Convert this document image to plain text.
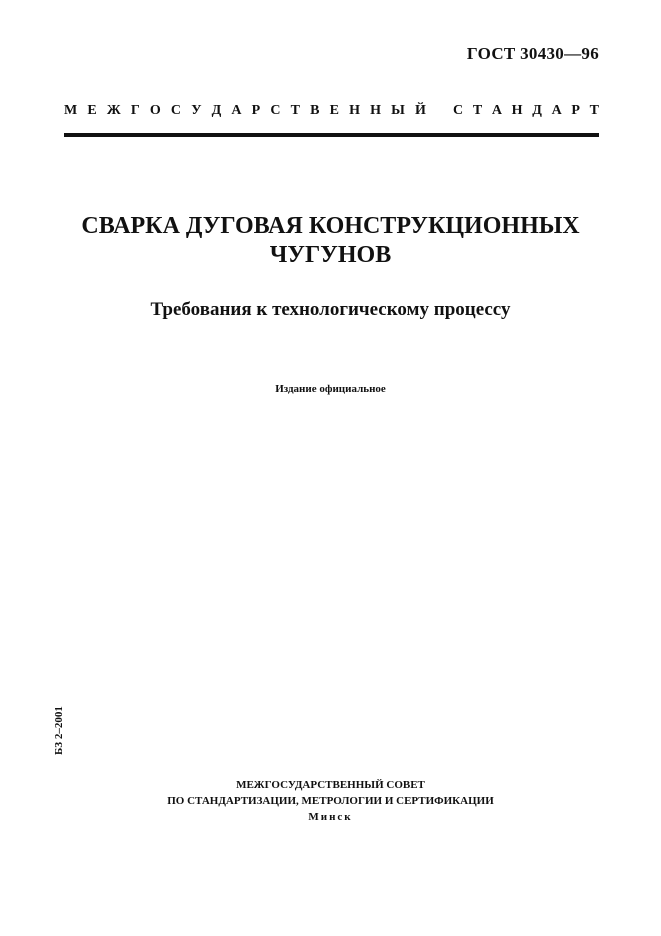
ГОСТ 30430—96
М Е Ж Г О С У Д А Р С Т В Е Н Н Ы Й С Т А Н Д А Р Т
СВАРКА ДУГОВАЯ КОНСТРУКЦИОННЫХ
ЧУГУНОВ
Требования к технологическому процессу
Издание официальное
БЗ 2–2001
МЕЖГОСУДАРСТВЕННЫЙ СОВЕТ
ПО СТАНДАРТИЗАЦИИ, МЕТРОЛОГИИ И СЕРТИФИКАЦИИ
Минск
